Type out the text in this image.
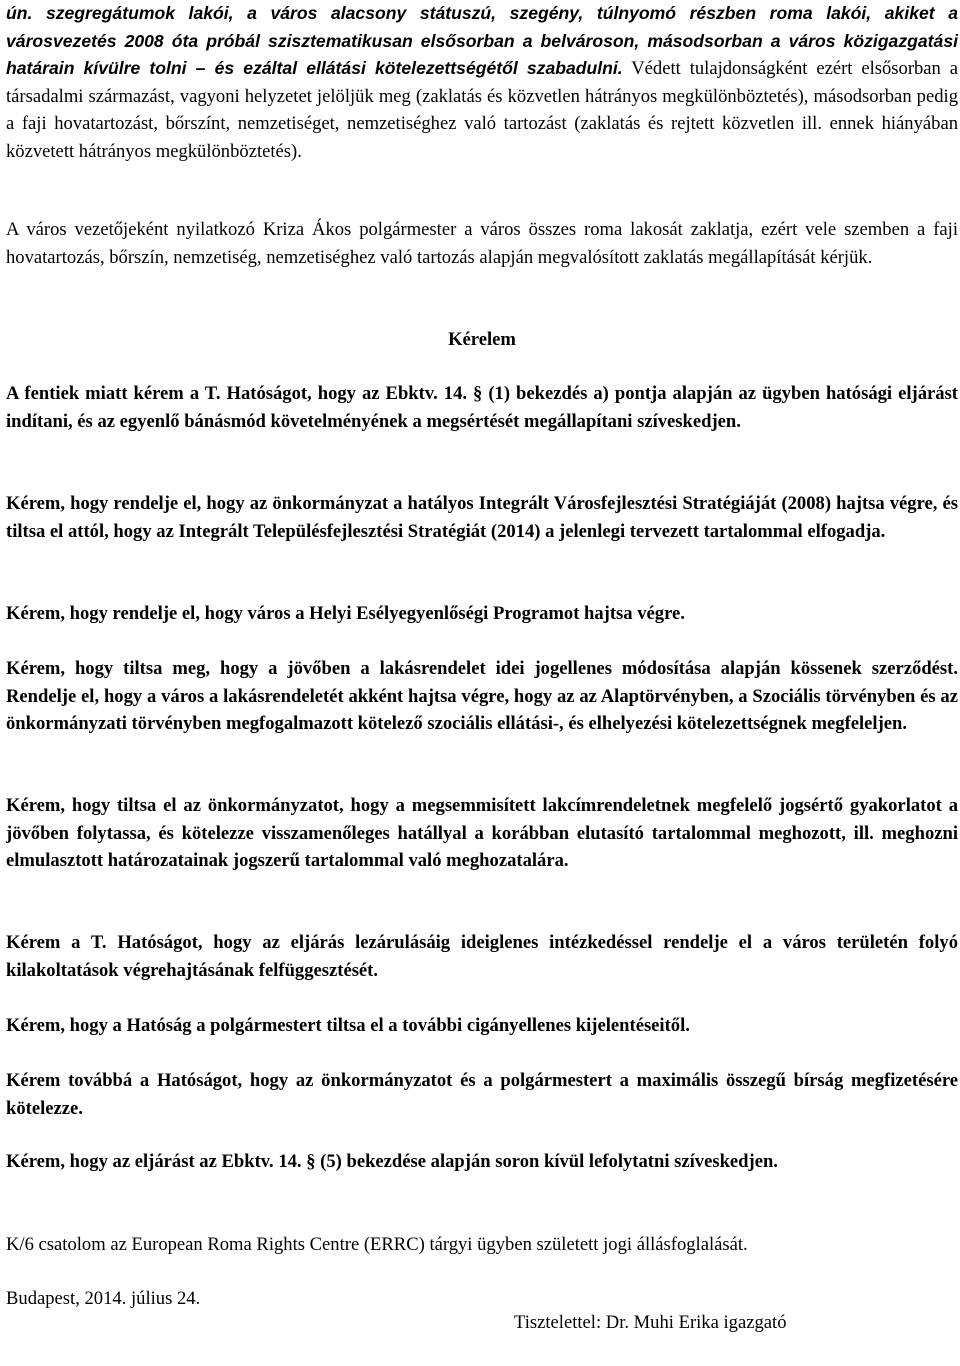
ún. szegregátumok lakói, a város alacsony státuszú, szegény, túlnyomó részben roma lakói, akiket a városvezetés 2008 óta próbál szisztematikusan elsősorban a belvároson, másodsorban a város közigazgatási határain kívülre tolni – és ezáltal ellátási kötelezettségétől szabadulni. Védett tulajdonságként ezért elsősorban a társadalmi származást, vagyoni helyzetet jelöljük meg (zaklatás és közvetlen hátrányos megkülönböztetés), másodsorban pedig a faji hovatartozást, bőrszínt, nemzetiséget, nemzetiséghez való tartozást (zaklatás és rejtett közvetlen ill. ennek hiányában közvetett hátrányos megkülönböztetés).

A város vezetőjeként nyilatkozó Kriza Ákos polgármester a város összes roma lakosát zaklatja, ezért vele szemben a faji hovatartozás, bőrszín, nemzetiség, nemzetiséghez való tartozás alapján megvalósított zaklatás megállapítását kérjük.

Kérelem

A fentiek miatt kérem a T. Hatóságot, hogy az Ebktv. 14. § (1) bekezdés a) pontja alapján az ügyben hatósági eljárást indítani, és az egyenlő bánásmód követelményének a megsértését megállapítani szíveskedjen.

Kérem, hogy rendelje el, hogy az önkormányzat a hatályos Integrált Városfejlesztési Stratégiáját (2008) hajtsa végre, és tiltsa el attól, hogy az Integrált Településfejlesztési Stratégiát (2014) a jelenlegi tervezett tartalommal elfogadja.

Kérem, hogy rendelje el, hogy város a Helyi Esélyegyenlőségi Programot hajtsa végre.

Kérem, hogy tiltsa meg, hogy a jövőben a lakásrendelet idei jogellenes módosítása alapján kössenek szerződést. Rendelje el, hogy a város a lakásrendeletét akként hajtsa végre, hogy az az Alaptörvényben, a Szociális törvényben és az önkormányzati törvényben megfogalmazott kötelező szociális ellátási-, és elhelyezési kötelezettségnek megfeleljen.

Kérem, hogy tiltsa el az önkormányzatot, hogy a megsemmisített lakcímrendeletnek megfelelő jogsértő gyakorlatot a jövőben folytassa, és kötelezze visszamenőleges hatállyal a korábban elutasító tartalommal meghozott, ill. meghozni elmulasztott határozatainak jogszerű tartalommal való meghozatalára.

Kérem a T. Hatóságot, hogy az eljárás lezárulásáig ideiglenes intézkedéssel rendelje el a város területén folyó kilakoltatások végrehajtásának felfüggesztését.

Kérem, hogy a Hatóság a polgármestert tiltsa el a további cigányellenes kijelentéseitől.

Kérem továbbá a Hatóságot, hogy az önkormányzatot és a polgármestert a maximális összegű bírság megfizetésére kötelezze.

Kérem, hogy az eljárást az Ebktv. 14. § (5) bekezdése alapján soron kívül lefolytatni szíveskedjen.

K/6 csatolom az European Roma Rights Centre (ERRC) tárgyi ügyben született jogi állásfoglalását.

Budapest, 2014. július 24.

Tisztelettel: Dr. Muhi Erika igazgató
